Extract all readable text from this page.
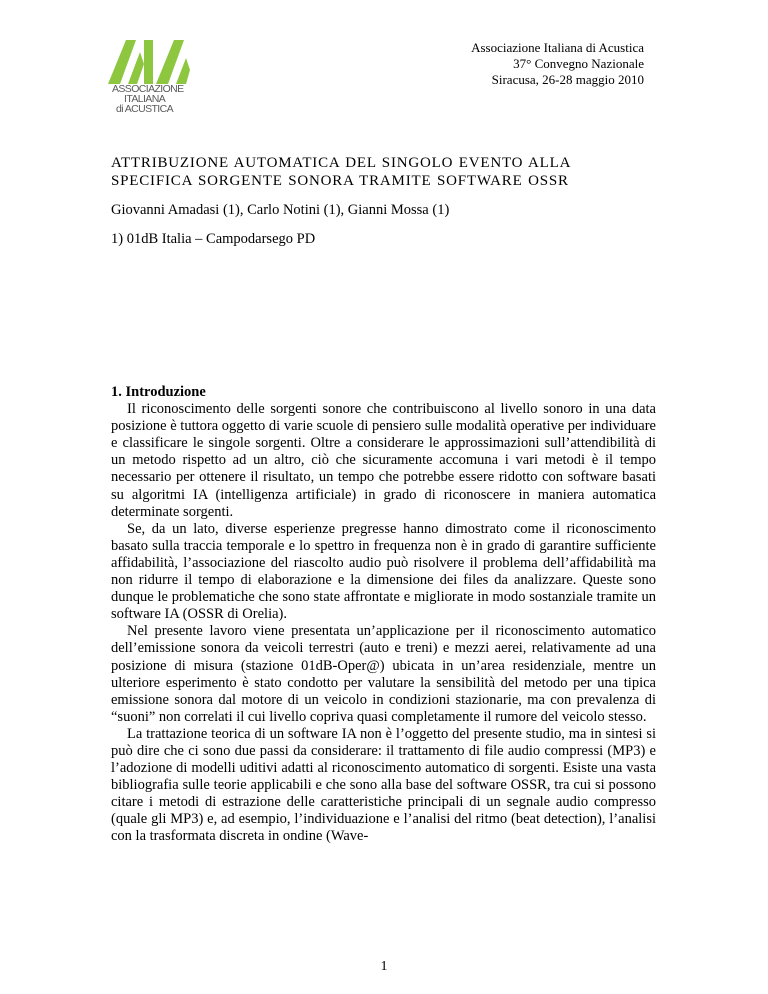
ASSOCIAZIONE
ITALIANA
di ACUSTICA
Associazione Italiana di Acustica
37° Convegno Nazionale
Siracusa, 26-28 maggio 2010
ATTRIBUZIONE AUTOMATICA DEL SINGOLO EVENTO ALLA
SPECIFICA SORGENTE SONORA TRAMITE SOFTWARE OSSR
Giovanni Amadasi (1), Carlo Notini (1), Gianni Mossa (1)
1) 01dB Italia – Campodarsego PD
1. Introduzione

Il riconoscimento delle sorgenti sonore che contribuiscono al livello sonoro in una data posizione è tuttora oggetto di varie scuole di pensiero sulle modalità operative per individuare e classificare le singole sorgenti. Oltre a considerare le approssimazioni sull’attendibilità di un metodo rispetto ad un altro, ciò che sicuramente accomuna i vari metodi è il tempo necessario per ottenere il risultato, un tempo che potrebbe essere ridotto con software basati su algoritmi IA (intelligenza artificiale) in grado di riconoscere in maniera automatica determinate sorgenti.

Se, da un lato, diverse esperienze pregresse hanno dimostrato come il riconoscimento basato sulla traccia temporale e lo spettro in frequenza non è in grado di garantire sufficiente affidabilità, l’associazione del riascolto audio può risolvere il problema dell’affidabilità ma non ridurre il tempo di elaborazione e la dimensione dei files da analizzare. Queste sono dunque le problematiche che sono state affrontate e migliorate in modo sostanziale tramite un software IA (OSSR di Orelia).

Nel presente lavoro viene presentata un’applicazione per il riconoscimento automatico dell’emissione sonora da veicoli terrestri (auto e treni) e mezzi aerei, relativamente ad una posizione di misura (stazione 01dB-Oper@) ubicata in un’area residenziale, mentre un ulteriore esperimento è stato condotto per valutare la sensibilità del metodo per una tipica emissione sonora dal motore di un veicolo in condizioni stazionarie, ma con prevalenza di “suoni” non correlati il cui livello copriva quasi completamente il rumore del veicolo stesso.

La trattazione teorica di un software IA non è l’oggetto del presente studio, ma in sintesi si può dire che ci sono due passi da considerare: il trattamento di file audio compressi (MP3) e l’adozione di modelli uditivi adatti al riconoscimento automatico di sorgenti. Esiste una vasta bibliografia sulle teorie applicabili e che sono alla base del software OSSR, tra cui si possono citare i metodi di estrazione delle caratteristiche principali di un segnale audio compresso (quale gli MP3) e, ad esempio, l’individuazione e l’analisi del ritmo (beat detection), l’analisi con la trasformata discreta in ondine (Wave-

1
